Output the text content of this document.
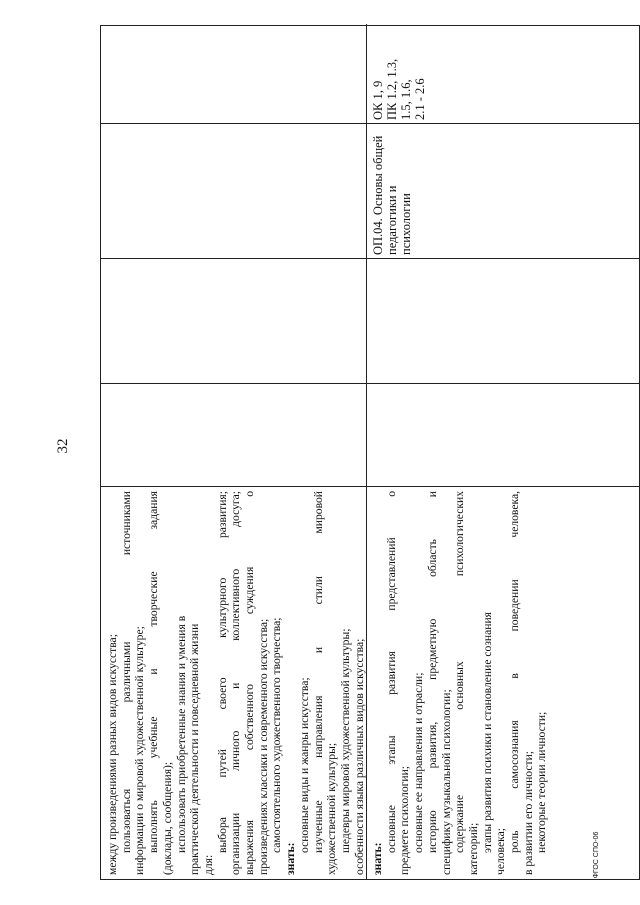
32
ФГОС СПО-06
между произведениями разных видов искусства; пользоваться различными источниками информации о мировой художественной культуре; выполнять учебные и творческие задания (доклады, сообщения); использовать приобретенные знания и умения в практической деятельности и повседневной жизни для:
выбора путей своего культурного развития; организации личного и коллективного досуга; выражения собственного суждения о произведениях классики и современного искусства; самостоятельного художественного творчества;
знать:
основные виды и жанры искусства; изученные направления и стили мировой художественной культуры; шедевры мировой художественной культуры; особенности языка различных видов искусства; знать:
основные этапы развития представлений о предмете психологии; основные ее направления и отрасли; историю развития, предметную область и специфику музыкальной психологии; содержание основных психологических категорий; этапы развития психики и становление сознания человека; роль самосознания в поведении человека, в развитии его личности; некоторые теории личности;
ОП.04. Основы общей педагогики и психологии
ОК 1, 9 ПК 1.2, 1.3, 1.5, 1.6, 2.1 - 2.6
